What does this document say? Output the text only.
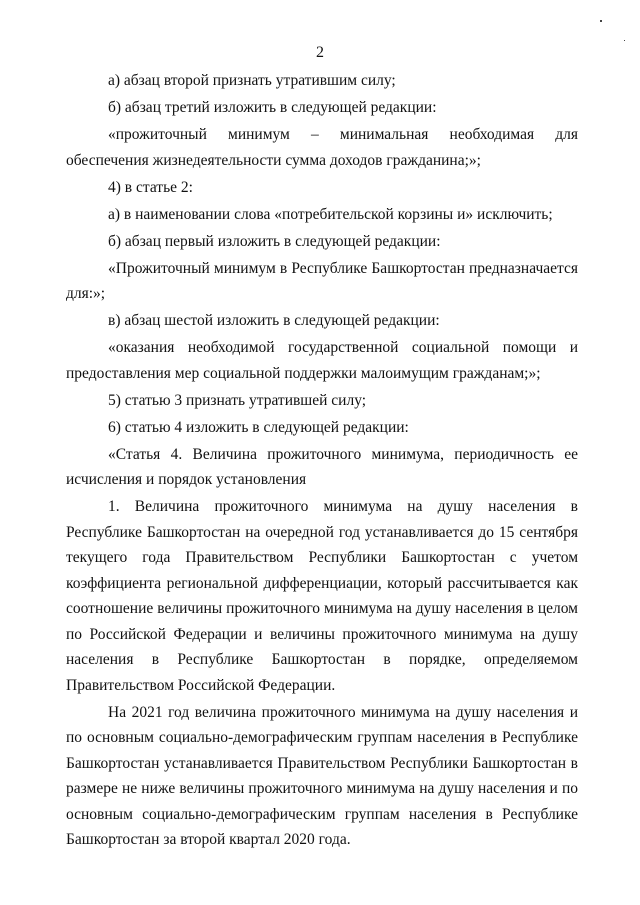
2

а) абзац второй признать утратившим силу;

б) абзац третий изложить в следующей редакции:

«прожиточный минимум – минимальная необходимая для обеспечения жизнедеятельности сумма доходов гражданина;»;

4) в статье 2:

а) в наименовании слова «потребительской корзины и» исключить;

б) абзац первый изложить в следующей редакции:

«Прожиточный минимум в Республике Башкортостан предназначается для:»;

в) абзац шестой изложить в следующей редакции:

«оказания необходимой государственной социальной помощи и предоставления мер социальной поддержки малоимущим гражданам;»;

5) статью 3 признать утратившей силу;

6) статью 4 изложить в следующей редакции:

«Статья 4. Величина прожиточного минимума, периодичность ее исчисления и порядок установления

1. Величина прожиточного минимума на душу населения в Республике Башкортостан на очередной год устанавливается до 15 сентября текущего года Правительством Республики Башкортостан с учетом коэффициента региональной дифференциации, который рассчитывается как соотношение величины прожиточного минимума на душу населения в целом по Российской Федерации и величины прожиточного минимума на душу населения в Республике Башкортостан в порядке, определяемом Правительством Российской Федерации.

На 2021 год величина прожиточного минимума на душу населения и по основным социально-демографическим группам населения в Республике Башкортостан устанавливается Правительством Республики Башкортостан в размере не ниже величины прожиточного минимума на душу населения и по основным социально-демографическим группам населения в Республике Башкортостан за второй квартал 2020 года.
